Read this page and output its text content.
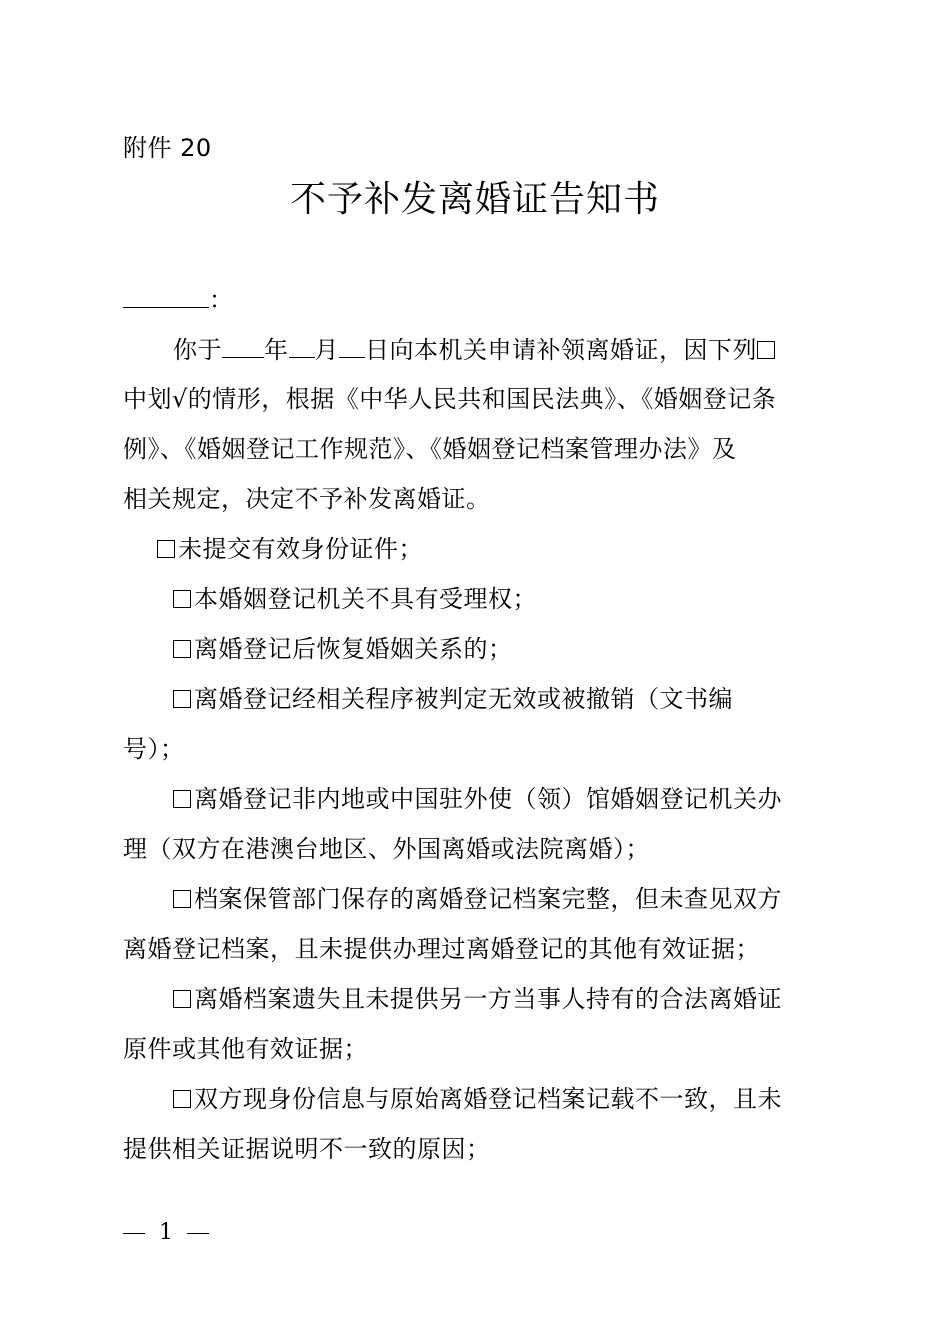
附件 20
不予补发离婚证告知书
：
你于 年 月 日向本机关申请补领离婚证，因下列
中划√的情形，根据《中华人民共和国民法典》、《婚姻登记条
例》、《婚姻登记工作规范》、《婚姻登记档案管理办法》及
相关规定，决定不予补发离婚证。
未提交有效身份证件；
本婚姻登记机关不具有受理权；
离婚登记后恢复婚姻关系的；
离婚登记经相关程序被判定无效或被撤销（文书编
号）；
离婚登记非内地或中国驻外使（领）馆婚姻登记机关办
理（双方在港澳台地区、外国离婚或法院离婚）；
档案保管部门保存的离婚登记档案完整，但未查见双方
离婚登记档案，且未提供办理过离婚登记的其他有效证据；
离婚档案遗失且未提供另一方当事人持有的合法离婚证
原件或其他有效证据；
双方现身份信息与原始离婚登记档案记载不一致，且未
提供相关证据说明不一致的原因；
1
